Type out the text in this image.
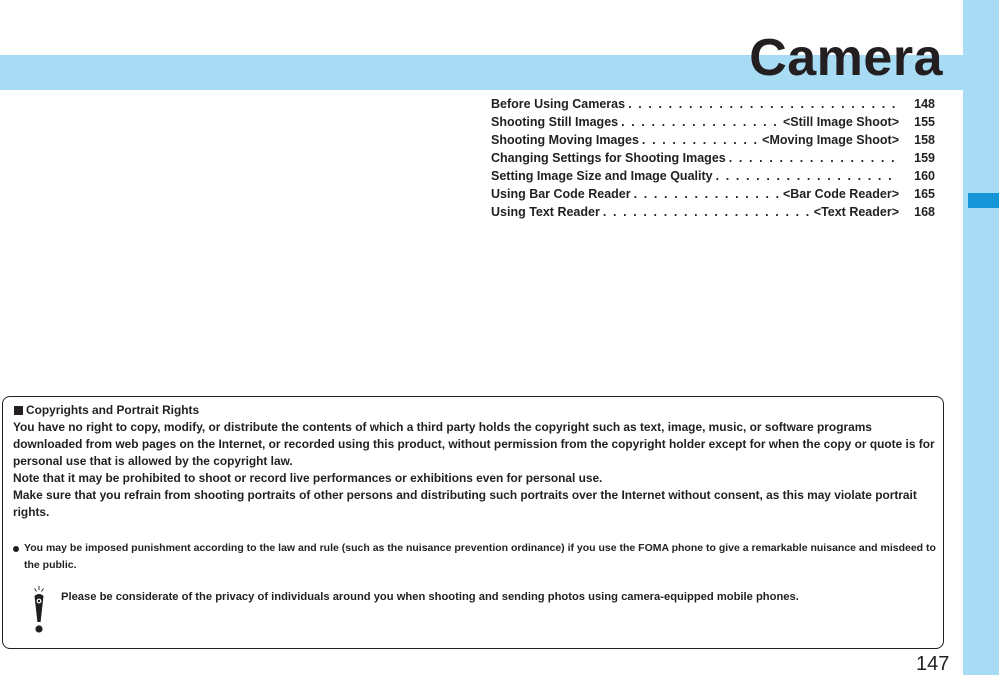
Camera
Before Using Cameras . . .	148
Shooting Still Images . . .	<Still Image Shoot>	155
Shooting Moving Images . . .	<Moving Image Shoot>	158
Changing Settings for Shooting Images . . .	159
Setting Image Size and Image Quality . . .	160
Using Bar Code Reader . . .	<Bar Code Reader>	165
Using Text Reader . . .	<Text Reader>	168
Copyrights and Portrait Rights

You have no right to copy, modify, or distribute the contents of which a third party holds the copyright such as text, image, music, or software programs downloaded from web pages on the Internet, or recorded using this product, without permission from the copyright holder except for when the copy or quote is for personal use that is allowed by the copyright law.

Note that it may be prohibited to shoot or record live performances or exhibitions even for personal use.

Make sure that you refrain from shooting portraits of other persons and distributing such portraits over the Internet without consent, as this may violate portrait rights.

You may be imposed punishment according to the law and rule (such as the nuisance prevention ordinance) if you use the FOMA phone to give a remarkable nuisance and misdeed to the public.
Please be considerate of the privacy of individuals around you when shooting and sending photos using camera-equipped mobile phones.
147
